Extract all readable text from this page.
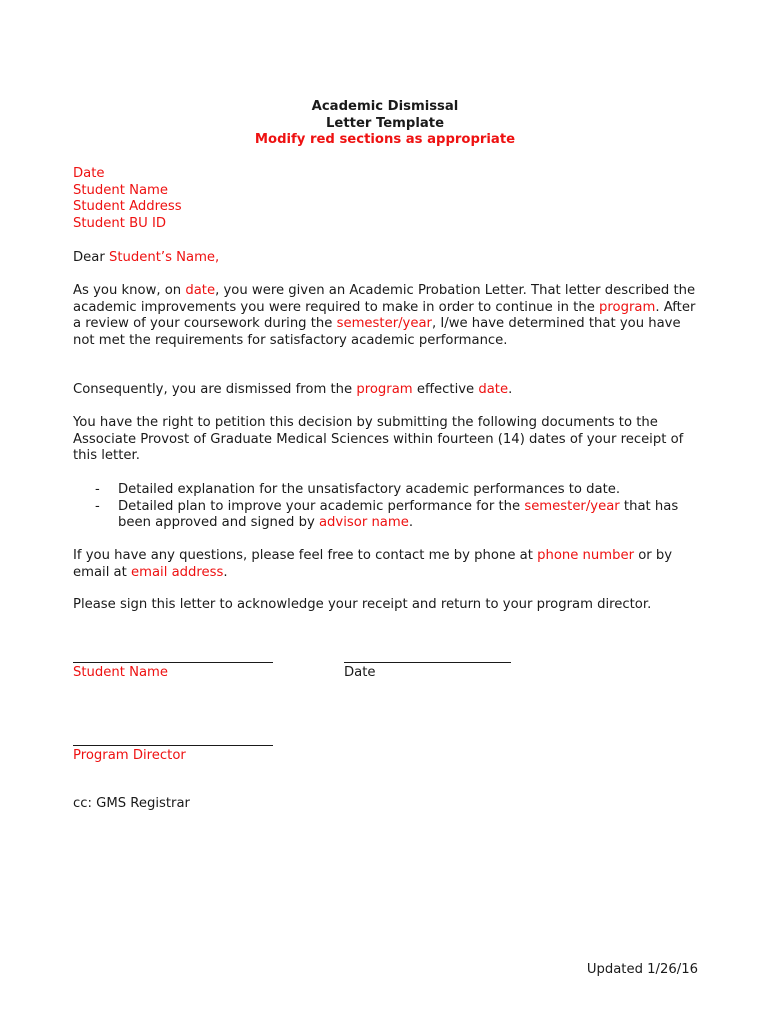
Academic Dismissal
Letter Template
Modify red sections as appropriate
Date
Student Name
Student Address
Student BU ID
Dear Student’s Name,
As you know, on date, you were given an Academic Probation Letter. That letter described the academic improvements you were required to make in order to continue in the program. After a review of your coursework during the semester/year, I/we have determined that you have not met the requirements for satisfactory academic performance.
Consequently, you are dismissed from the program effective date.
You have the right to petition this decision by submitting the following documents to the Associate Provost of Graduate Medical Sciences within fourteen (14) dates of your receipt of this letter.
-	Detailed explanation for the unsatisfactory academic performances to date.
-	Detailed plan to improve your academic performance for the semester/year that has been approved and signed by advisor name.
If you have any questions, please feel free to contact me by phone at phone number or by email at email address.
Please sign this letter to acknowledge your receipt and return to your program director.
Student Name	Date
Program Director
cc: GMS Registrar
Updated 1/26/16
